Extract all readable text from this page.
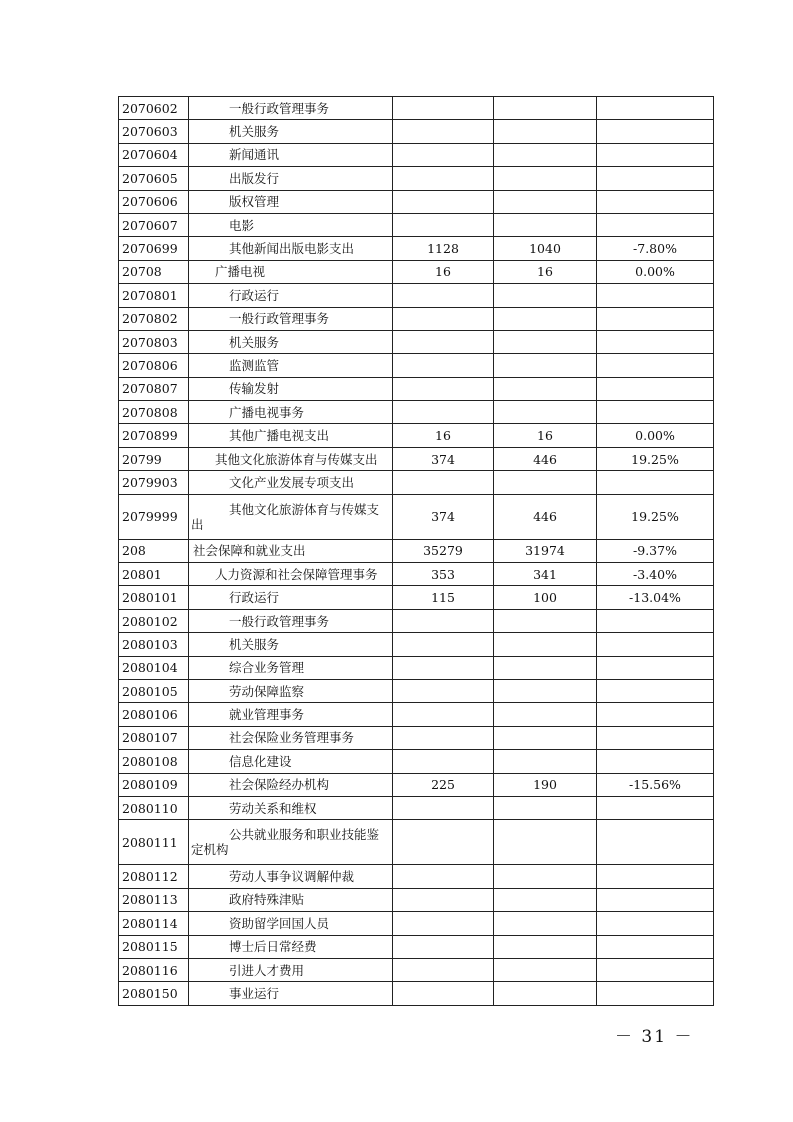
2070602	一般行政管理事务			
2070603	机关服务			
2070604	新闻通讯			
2070605	出版发行			
2070606	版权管理			
2070607	电影			
2070699	其他新闻出版电影支出	1128	1040	-7.80%
20708	广播电视	16	16	0.00%
2070801	行政运行			
2070802	一般行政管理事务			
2070803	机关服务			
2070806	监测监管			
2070807	传输发射			
2070808	广播电视事务			
2070899	其他广播电视支出	16	16	0.00%
20799	其他文化旅游体育与传媒支出	374	446	19.25%
2079903	文化产业发展专项支出			
2079999	其他文化旅游体育与传媒支出	374	446	19.25%
208	社会保障和就业支出	35279	31974	-9.37%
20801	人力资源和社会保障管理事务	353	341	-3.40%
2080101	行政运行	115	100	-13.04%
2080102	一般行政管理事务			
2080103	机关服务			
2080104	综合业务管理			
2080105	劳动保障监察			
2080106	就业管理事务			
2080107	社会保险业务管理事务			
2080108	信息化建设			
2080109	社会保险经办机构	225	190	-15.56%
2080110	劳动关系和维权			
2080111	公共就业服务和职业技能鉴定机构			
2080112	劳动人事争议调解仲裁			
2080113	政府特殊津贴			
2080114	资助留学回国人员			
2080115	博士后日常经费			
2080116	引进人才费用			
2080150	事业运行			
－ 31 －
